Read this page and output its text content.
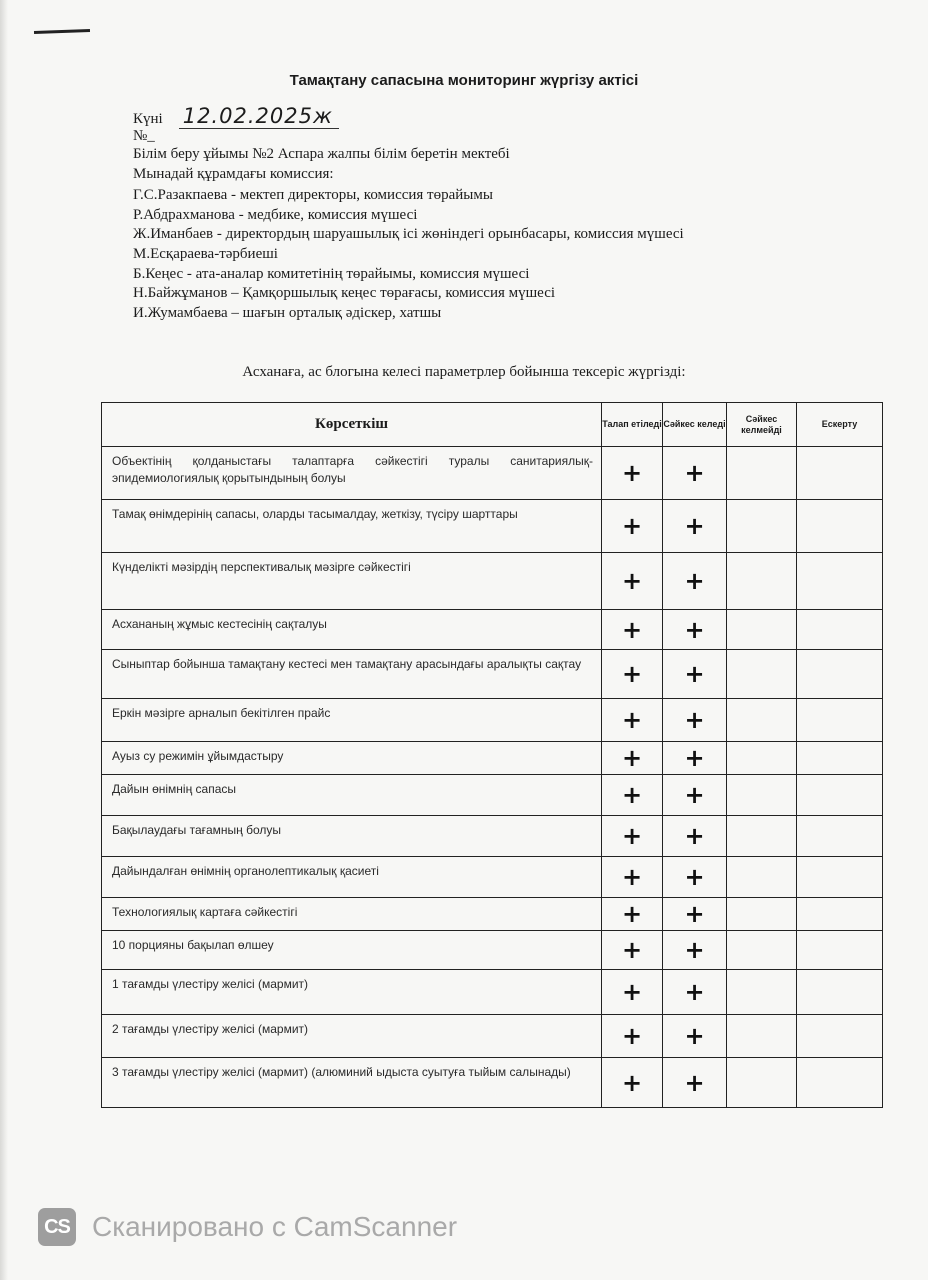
Тамақтану сапасына мониторинг жүргізу актісі
Күні 12.02.2025ж
№_
Білім беру ұйымы №2 Аспара жалпы білім беретін мектебі
Мынадай құрамдағы комиссия:
Г.С.Разакпаева - мектеп директоры, комиссия төрайымы
Р.Абдрахманова - медбике, комиссия мүшесі
Ж.Иманбаев - директордың шаруашылық ісі жөніндегі орынбасары, комиссия мүшесі
М.Есқараева-тәрбиеші
Б.Кеңес - ата-аналар комитетінің төрайымы, комиссия мүшесі
Н.Байжұманов – Қамқоршылық кеңес төрағасы, комиссия мүшесі
И.Жумамбаева – шағын орталық әдіскер, хатшы
Асханаға, ас блогына келесі параметрлер бойынша тексеріс жүргізді:
Көрсеткіш	Талап етіледі	Сәйкес келеді	Сәйкес келмейді	Ескерту
Объектінің қолданыстағы талаптарға сәйкестігі туралы санитариялық-эпидемиологиялық қорытындының болуы	+	+		
Тамақ өнімдерінің сапасы, оларды тасымалдау, жеткізу, түсіру шарттары	+	+		
Күнделікті мәзірдің перспективалық мәзірге сәйкестігі	+	+		
Асхананың жұмыс кестесінің сақталуы	+	+		
Сыныптар бойынша тамақтану кестесі мен тамақтану арасындағы аралықты сақтау	+	+		
Еркін мәзірге арналып бекітілген прайс	+	+		
Ауыз су режимін ұйымдастыру	+	+		
Дайын өнімнің сапасы	+	+		
Бақылаудағы тағамның болуы	+	+		
Дайындалған өнімнің органолептикалық қасиеті	+	+		
Технологиялық картаға сәйкестігі	+	+		
10 порцияны бақылап өлшеу	+	+		
1 тағамды үлестіру желісі (мармит)	+	+		
2 тағамды үлестіру желісі (мармит)	+	+		
3 тағамды үлестіру желісі (мармит) (алюминий ыдыста суытуға тыйым салынады)	+	+		
CS Сканировано с CamScanner
